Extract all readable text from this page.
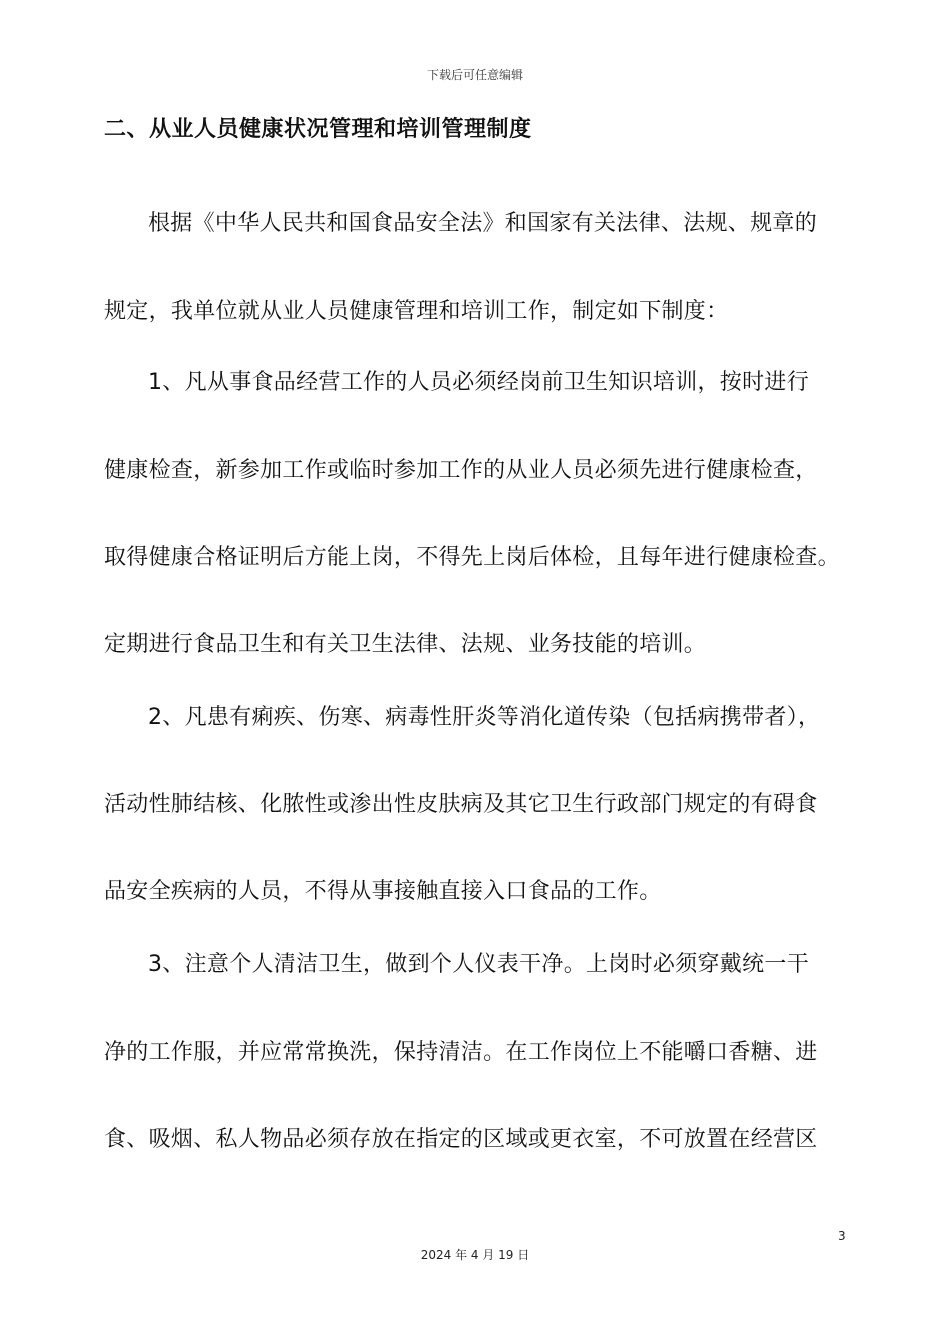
下载后可任意编辑
二、从业人员健康状况管理和培训管理制度
根据《中华人民共和国食品安全法》和国家有关法律、法规、规章的
规定，我单位就从业人员健康管理和培训工作，制定如下制度：
1、凡从事食品经营工作的人员必须经岗前卫生知识培训，按时进行
健康检查，新参加工作或临时参加工作的从业人员必须先进行健康检查，
取得健康合格证明后方能上岗，不得先上岗后体检，且每年进行健康检查。
定期进行食品卫生和有关卫生法律、法规、业务技能的培训。
2、凡患有痢疾、伤寒、病毒性肝炎等消化道传染（包括病携带者），
活动性肺结核、化脓性或渗出性皮肤病及其它卫生行政部门规定的有碍食
品安全疾病的人员，不得从事接触直接入口食品的工作。
3、注意个人清洁卫生，做到个人仪表干净。上岗时必须穿戴统一干
净的工作服，并应常常换洗，保持清洁。在工作岗位上不能嚼口香糖、进
食、吸烟、私人物品必须存放在指定的区域或更衣室，不可放置在经营区
3
2024 年 4 月 19 日
